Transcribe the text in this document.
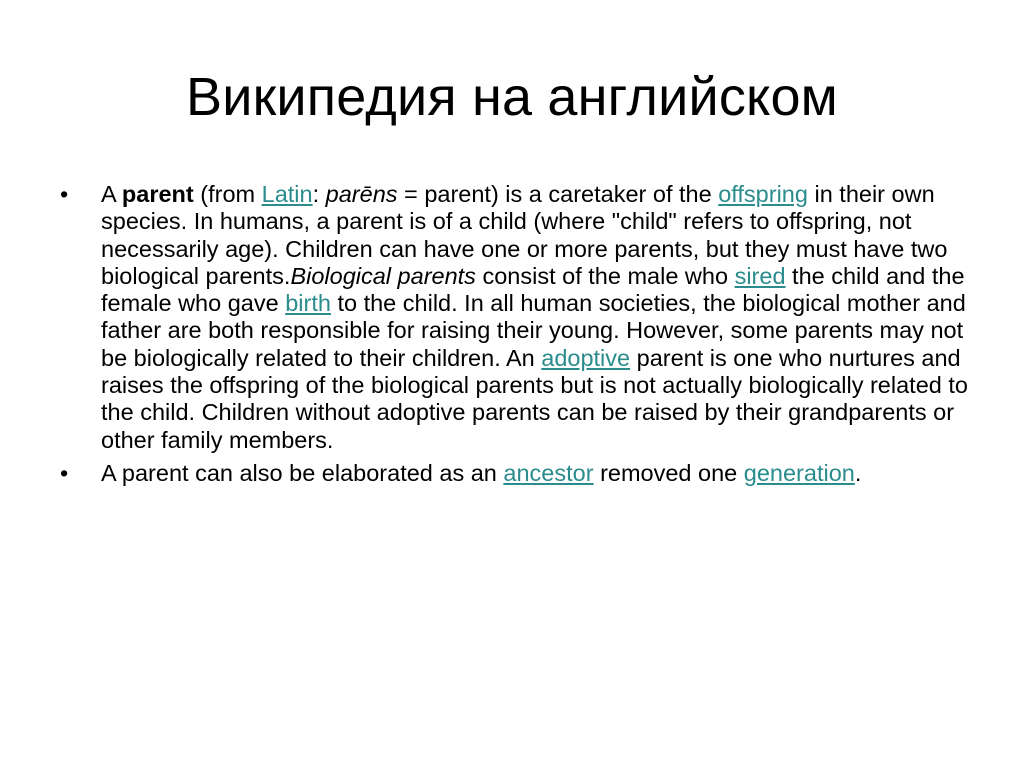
Википедия на английском
•	A parent (from Latin: parēns = parent) is a caretaker of the offspring in their own species. In humans, a parent is of a child (where "child" refers to offspring, not necessarily age). Children can have one or more parents, but they must have two biological parents.Biological parents consist of the male who sired the child and the female who gave birth to the child. In all human societies, the biological mother and father are both responsible for raising their young. However, some parents may not be biologically related to their children. An adoptive parent is one who nurtures and raises the offspring of the biological parents but is not actually biologically related to the child. Children without adoptive parents can be raised by their grandparents or other family members.
•	A parent can also be elaborated as an ancestor removed one generation.
